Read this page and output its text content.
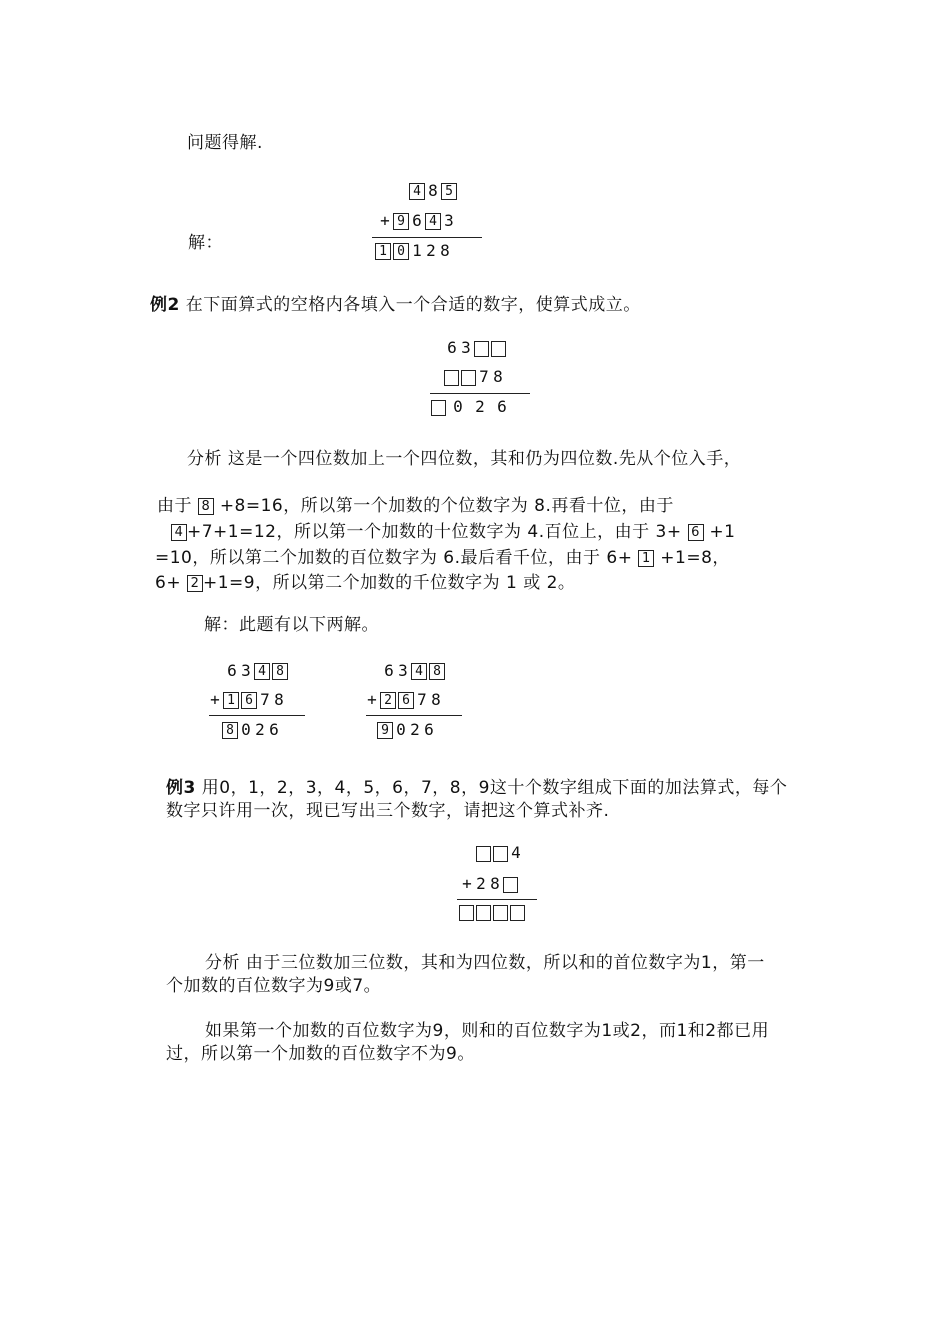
问题得解.
解：
4 8 5
+ 9 6 4 3
1 0 1 2 8
例2 在下面算式的空格内各填入一个合适的数字，使算式成立。
6 3
7 8
0 2 6
分析 这是一个四位数加上一个四位数，其和仍为四位数.先从个位入手，
由于 8 +8=16，所以第一个加数的个位数字为 8.再看十位，由于
4 +7+1=12，所以第一个加数的十位数字为 4.百位上，由于 3+ 6 +1
=10，所以第二个加数的百位数字为 6.最后看千位，由于 6+ 1 +1=8，
6+ 2 +1=9，所以第二个加数的千位数字为 1 或 2。
解：此题有以下两解。
6 3 4 8
+ 1 6 7 8
8 0 2 6
6 3 4 8
+ 2 6 7 8
9 0 2 6
例3 用0，1，2，3，4，5，6，7，8，9这十个数字组成下面的加法算式，每个
数字只许用一次，现已写出三个数字，请把这个算式补齐.
4
+ 2 8
分析 由于三位数加三位数，其和为四位数，所以和的首位数字为1，第一
个加数的百位数字为9或7。
如果第一个加数的百位数字为9，则和的百位数字为1或2，而1和2都已用
过，所以第一个加数的百位数字不为9。
